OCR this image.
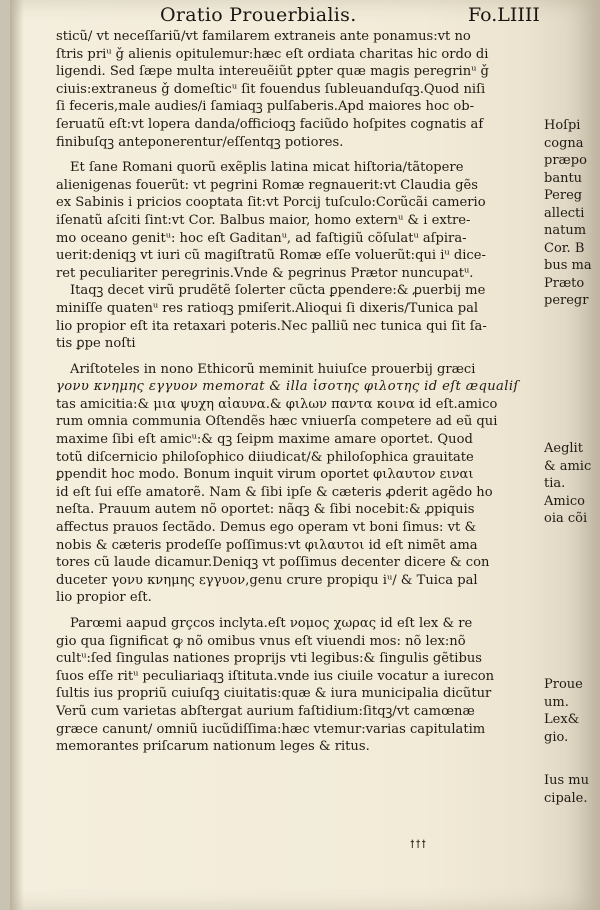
Oratio Prouerbialis.	Fo.LIIII
sticũ/ vt neceſſariũ/vt familarem extraneis ante ponamus:vt no
ſtris priᵘ ǧ alienis opitulemur:hæc eſt ordiata charitas hic ordo di
ligendi. Sed ſæpe multa intereuẽiũt ꝑpter quæ magis peregrinᵘ ǧ
ciuis:extraneus ǧ domeſticᵘ ſit fouendus ſubleuanduſqꝫ.Quod niſi
ſi feceris,male audies/i ſamiaqꝫ pulſaberis.Apd maiores hoc ob-
ſeruatũ eſt:vt lopera danda/officioqꝫ faciũdo hoſpites cognatis af
finibuſqꝫ anteponerentur/eſſentqꝫ potiores.
Et ſane Romani quorũ exẽplis latina micat hiſtoria/tãtopere
alienigenas fouerũt: vt pegrini Romæ regnauerit:vt Claudia gẽs
ex Sabinis i pricios cooptata ſit:vt Porcij tuſculo:Corũcãi camerio
iſenatũ aſciti ſint:vt Cor. Balbus maior, homo externᵘ & i extre-
mo oceano genitᵘ: hoc eſt Gaditanᵘ, ad faſtigiũ cõſulatᵘ aſpira-
uerit:deniqꝫ vt iuri cũ magiſtratũ Romæ eſſe voluerũt:qui iᵘ dice-
ret peculiariter peregrinis.Vnde & pegrinus Prætor nuncupatᵘ.
Itaqꝫ decet virũ prudẽtẽ ſolerter cũcta ꝑpendere:& ꝓuerbij me
miniſſe quatenᵘ res ratioqꝫ pmiſerit.Alioqui ſi dixeris/Tunica pal
lio propior eſt ita retaxari poteris.Nec palliũ nec tunica qui ſit ſa-
tis ꝑpe noſti
Ariſtoteles in nono Ethicorũ meminit huiuſce prouerbij græci
γονυ κνημης εγγυον memorat & illa ἰσοτης φιλοτης id eſt æqualiſ
tas amicitia:& μια ψυχη αἰαυνα.& φιλων παντα κοινα id eſt.amico
rum omnia communia Oſtendẽs hæc vniuerſa competere ad eũ qui
maxime ſibi eſt amicᵘ:& qꝫ ſeipm maxime amare oportet. Quod
totũ diſcernicio philoſophico diiudicat/& philoſophica grauitate
ꝑpendit hoc modo. Bonum inquit virum oportet φιλαυτον ειναι
id eſt ſui eſſe amatorẽ. Nam & ſibi ipſe & cæteris ꝓderit agẽdo ho
neſta. Prauum autem nõ oportet: nãqꝫ & ſibi nocebit:& ꝓpiquis
affectus prauos ſectãdo. Demus ego operam vt boni ſimus: vt &
nobis & cæteris prodeſſe poſſimus:vt φιλαυτοι id eſt nimẽt ama
tores cũ laude dicamur.Deniqꝫ vt poſſimus decenter dicere & con
duceter γονυ κνημης εγγυον,genu crure propiqu iᵘ/ & Tuica pal
lio propior eſt.
Parœmi aapud grçcos inclyta.eſt νομος χωρας id eſt lex & re
gio qua ſignificat ꝙ nõ omibus vnus eſt viuendi mos: nõ lex:nõ
cultᵘ:ſed ſingulas nationes proprijs vti legibus:& ſingulis gẽtibus
ſuos eſſe ritᵘ peculiariaqꝫ iſtituta.vnde ius ciuile vocatur a iurecon
ſultis ius propriũ cuiuſqꝫ ciuitatis:quæ & iura municipalia dicũtur
Verũ cum varietas abſtergat aurium faſtidium:ſitqꝫ/vt camœnæ
græce canunt/ omniũ iucũdiſſima:hæc vtemur:varias capitulatim
memorantes priſcarum nationum leges & ritus.
Hoſpi
cogna
præpo
bantu
Pereg
allecti
natum
Cor. B
bus ma
Præto
peregr
Aeglit
& amic
tia.
Amico
oia cõi
Proue
um.
Lex&
gio.
Ius mu
cipale.
ꝉꝉꝉ
